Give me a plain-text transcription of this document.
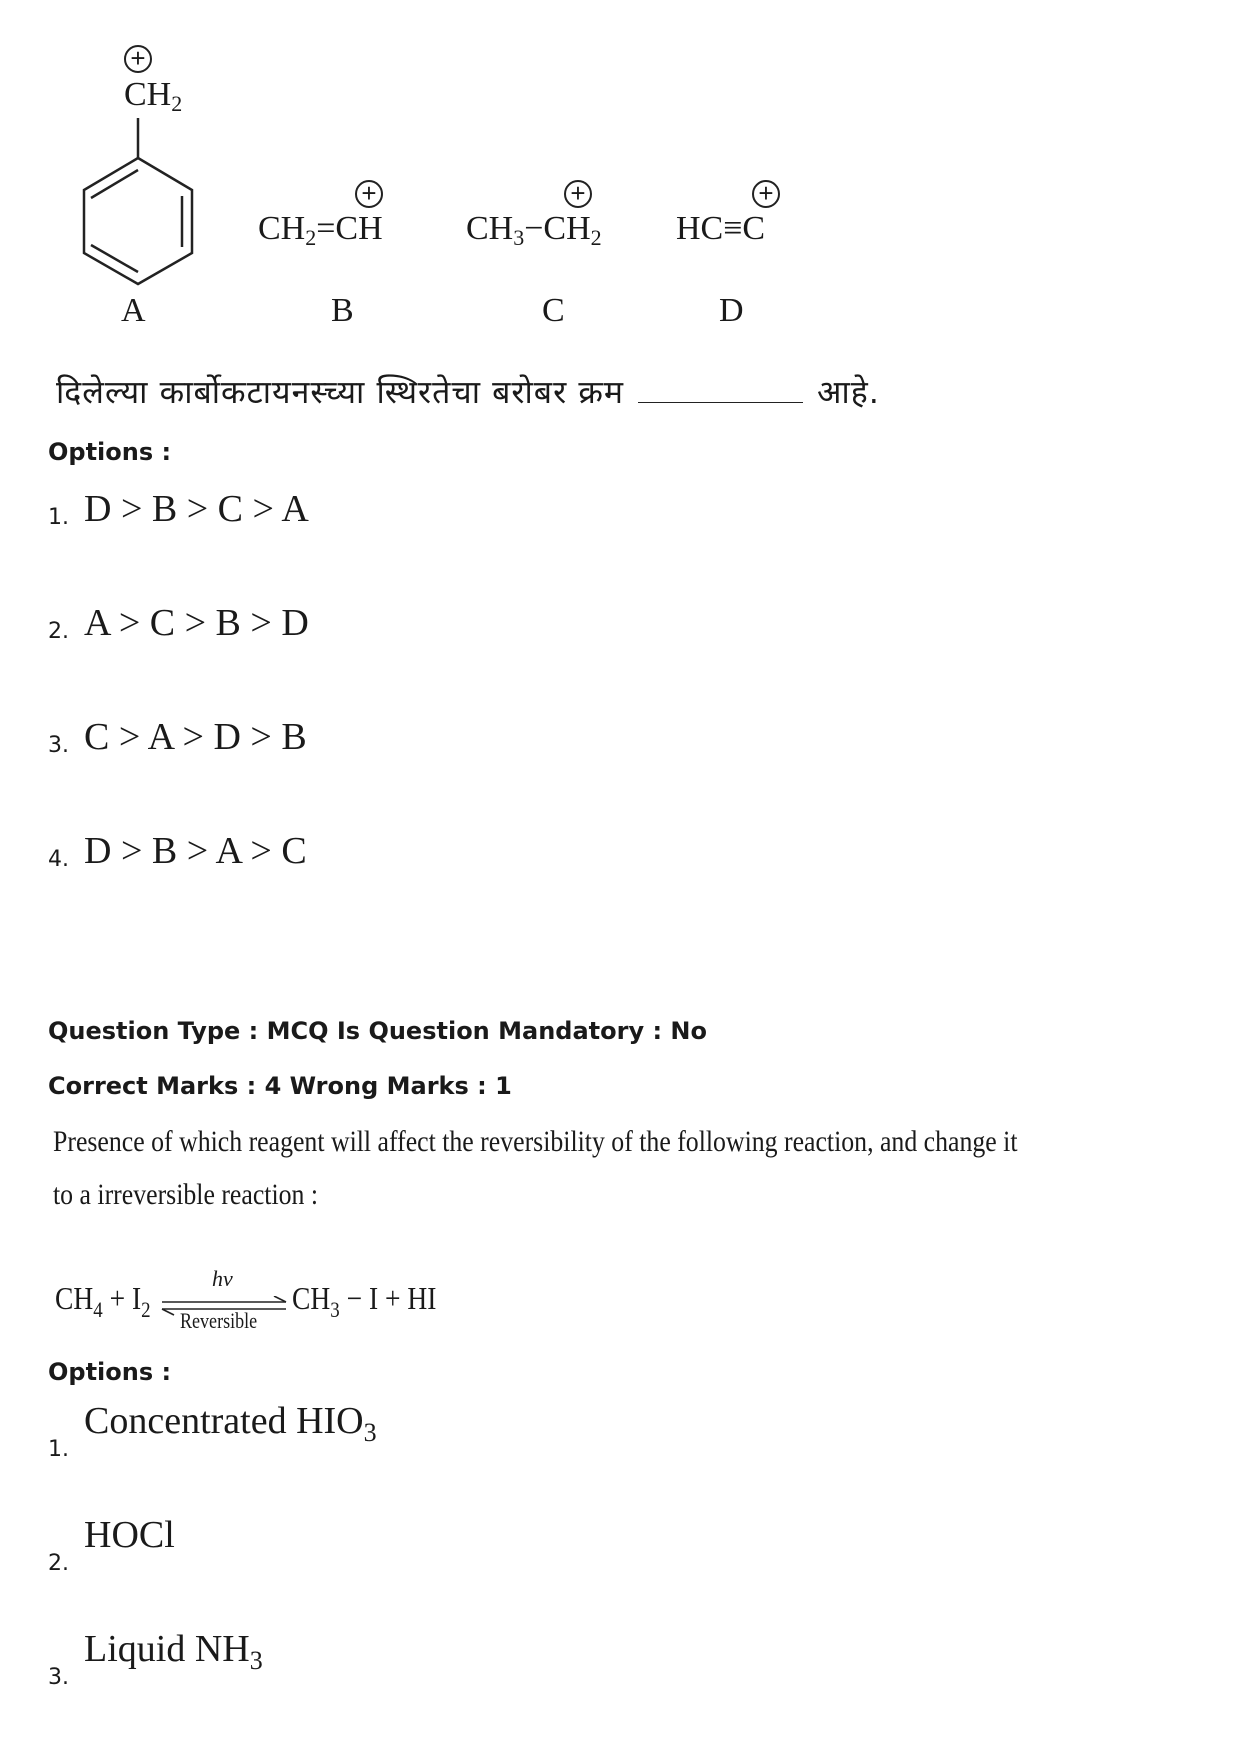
+
$CH_2$
A
+
$CH_2=CH$
B
+
$CH_3-CH_2$
C
+
HC≡C
D
दिलेल्या कार्बोकटायनस्च्या स्थिरतेचा बरोबर क्रम	आहे.
Options :
1. D > B > C > A
2. A > C > B > D
3. C > A > D > B
4. D > B > A > C
Question Type : MCQ Is Question Mandatory : No
Correct Marks : 4 Wrong Marks : 1
Presence of which reagent will affect the reversibility of the following reaction, and change it
to a irreversible reaction :
$CH_4 + I_2$
hν
Reversible
$CH_3 - I$ + HI
Options :
1.
Concentrated $HIO_3$
2.
HOCl
3.
Liquid $NH_3$
